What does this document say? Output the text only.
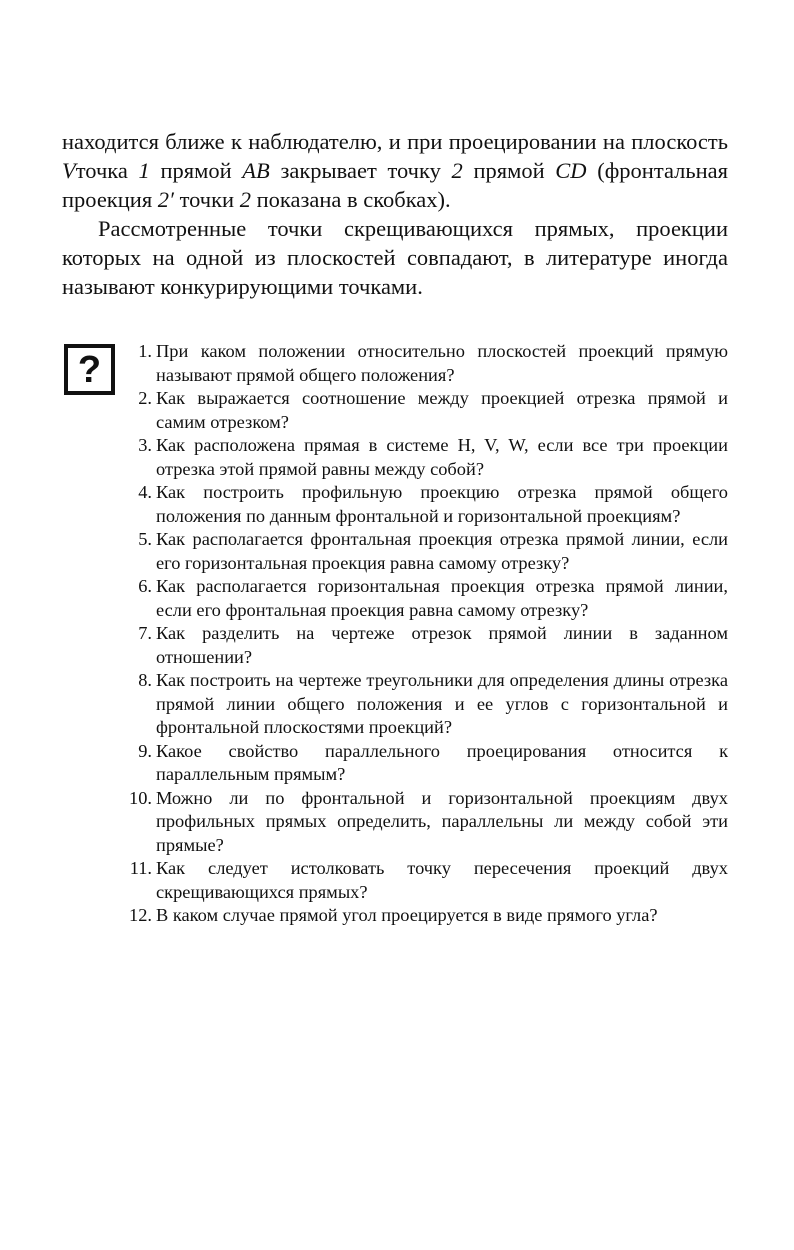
находится ближе к наблюдателю, и при проецировании на плоскость Vточка 1 прямой AB закрывает точку 2 прямой CD (фронтальная проекция 2′ точки 2 показана в скобках).

Рассмотренные точки скрещивающихся прямых, проекции которых на одной из плоскостей совпадают, в литературе иногда называют конкурирующими точками.

?	1. При каком положении относительно плоскостей проекций прямую называют прямой общего положения?
2. Как выражается соотношение между проекцией отрезка прямой и самим отрезком?
3. Как расположена прямая в системе H, V, W, если все три проекции отрезка этой прямой равны между собой?
4. Как построить профильную проекцию отрезка прямой общего положения по данным фронтальной и горизонтальной проекциям?
5. Как располагается фронтальная проекция отрезка прямой линии, если его горизонтальная проекция равна самому отрезку?
6. Как располагается горизонтальная проекция отрезка прямой линии, если его фронтальная проекция равна самому отрезку?
7. Как разделить на чертеже отрезок прямой линии в заданном отношении?
8. Как построить на чертеже треугольники для определения длины отрезка прямой линии общего положения и ее углов с горизонтальной и фронтальной плоскостями проекций?
9. Какое свойство параллельного проецирования относится к параллельным прямым?
10. Можно ли по фронтальной и горизонтальной проекциям двух профильных прямых определить, параллельны ли между собой эти прямые?
11. Как следует истолковать точку пересечения проекций двух скрещивающихся прямых?
12. В каком случае прямой угол проецируется в виде прямого угла?
